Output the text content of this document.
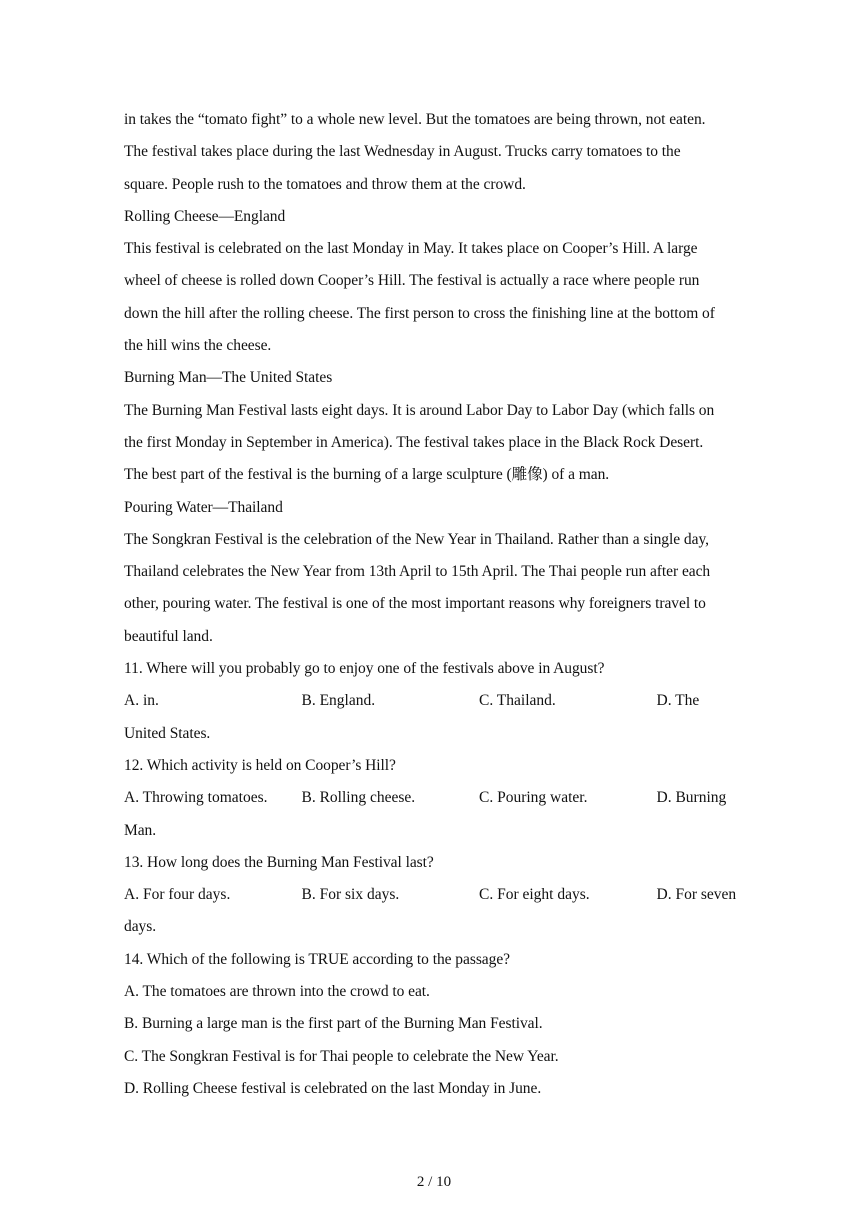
in takes the “tomato fight” to a whole new level. But the tomatoes are being thrown, not eaten.
The festival takes place during the last Wednesday in August. Trucks carry tomatoes to the
square. People rush to the tomatoes and throw them at the crowd.
Rolling Cheese—England
This festival is celebrated on the last Monday in May. It takes place on Cooper’s Hill. A large
wheel of cheese is rolled down Cooper’s Hill. The festival is actually a race where people run
down the hill after the rolling cheese. The first person to cross the finishing line at the bottom of
the hill wins the cheese.
Burning Man—The United States
The Burning Man Festival lasts eight days. It is around Labor Day to Labor Day (which falls on
the first Monday in September in America). The festival takes place in the Black Rock Desert.
The best part of the festival is the burning of a large sculpture (雕像) of a man.
Pouring Water—Thailand
The Songkran Festival is the celebration of the New Year in Thailand. Rather than a single day,
Thailand celebrates the New Year from 13th April to 15th April. The Thai people run after each
other, pouring water. The festival is one of the most important reasons why foreigners travel to
beautiful land.
11. Where will you probably go to enjoy one of the festivals above in August?
A. in.	B. England.	C. Thailand.	D. The
United States.
12. Which activity is held on Cooper’s Hill?
A. Throwing tomatoes.	B. Rolling cheese.	C. Pouring water.	D. Burning
Man.
13. How long does the Burning Man Festival last?
A. For four days.	B. For six days.	C. For eight days.	D. For seven
days.
14. Which of the following is TRUE according to the passage?
A. The tomatoes are thrown into the crowd to eat.
B. Burning a large man is the first part of the Burning Man Festival.
C. The Songkran Festival is for Thai people to celebrate the New Year.
D. Rolling Cheese festival is celebrated on the last Monday in June.
2 / 10
